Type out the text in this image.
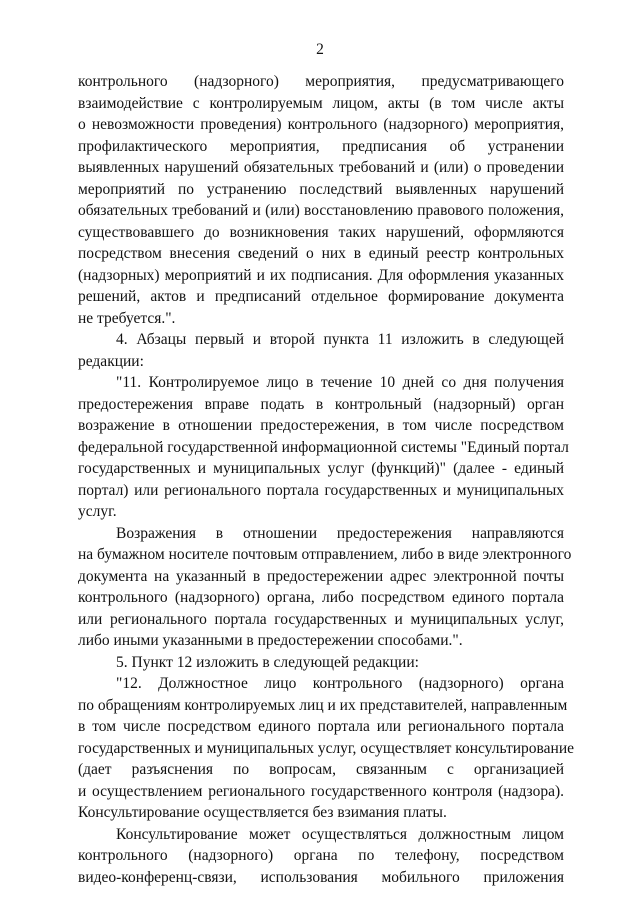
2
контрольного (надзорного) мероприятия, предусматривающего
взаимодействие с контролируемым лицом, акты (в том числе акты
о невозможности проведения) контрольного (надзорного) мероприятия,
профилактического мероприятия, предписания об устранении
выявленных нарушений обязательных требований и (или) о проведении
мероприятий по устранению последствий выявленных нарушений
обязательных требований и (или) восстановлению правового положения,
существовавшего до возникновения таких нарушений, оформляются
посредством внесения сведений о них в единый реестр контрольных
(надзорных) мероприятий и их подписания. Для оформления указанных
решений, актов и предписаний отдельное формирование документа
не требуется.".
4. Абзацы первый и второй пункта 11 изложить в следующей
редакции:
"11. Контролируемое лицо в течение 10 дней со дня получения
предостережения вправе подать в контрольный (надзорный) орган
возражение в отношении предостережения, в том числе посредством
федеральной государственной информационной системы "Единый портал
государственных и муниципальных услуг (функций)" (далее - единый
портал) или регионального портала государственных и муниципальных
услуг.
Возражения в отношении предостережения направляются
на бумажном носителе почтовым отправлением, либо в виде электронного
документа на указанный в предостережении адрес электронной почты
контрольного (надзорного) органа, либо посредством единого портала
или регионального портала государственных и муниципальных услуг,
либо иными указанными в предостережении способами.".
5. Пункт 12 изложить в следующей редакции:
"12. Должностное лицо контрольного (надзорного) органа
по обращениям контролируемых лиц и их представителей, направленным
в том числе посредством единого портала или регионального портала
государственных и муниципальных услуг, осуществляет консультирование
(дает разъяснения по вопросам, связанным с организацией
и осуществлением регионального государственного контроля (надзора).
Консультирование осуществляется без взимания платы.
Консультирование может осуществляться должностным лицом
контрольного (надзорного) органа по телефону, посредством
видео-конференц-связи, использования мобильного приложения
